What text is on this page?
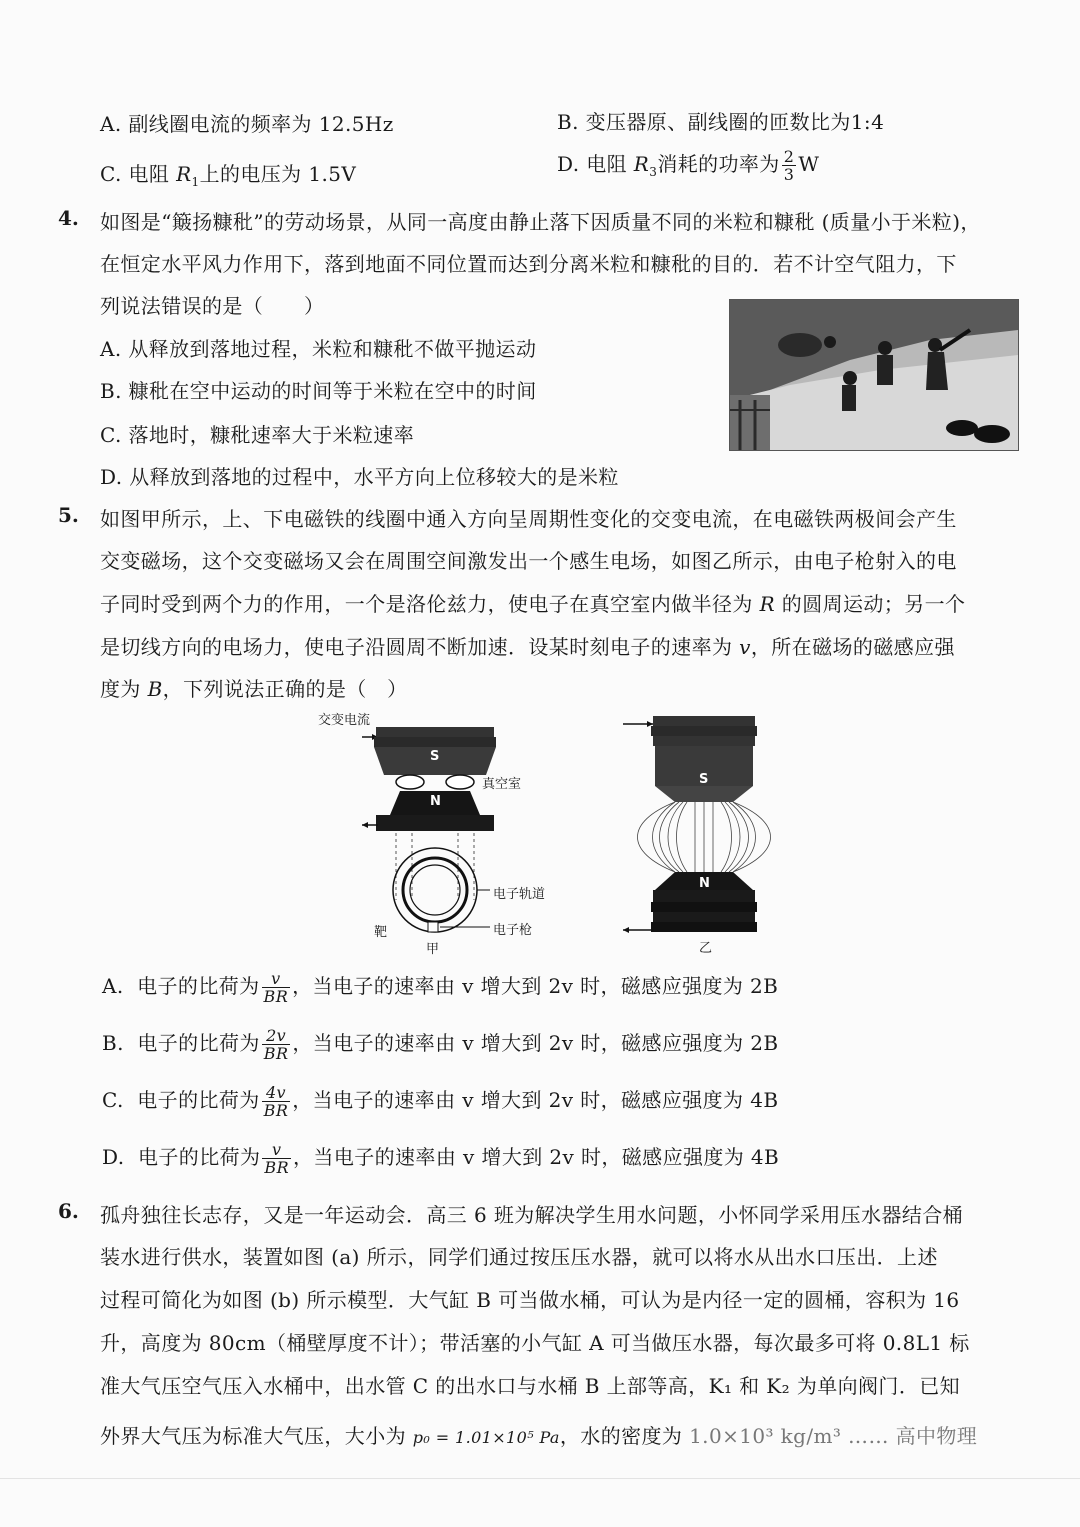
A. 副线圈电流的频率为 12.5Hz	B. 变压器原、副线圈的匝数比为1:4
C. 电阻 $R_1$上的电压为 1.5V	D. 电阻 $R_3$消耗的功率为 $\frac{2}{3}$ W
4. 如图是“簸扬糠秕”的劳动场景，从同一高度由静止落下因质量不同的米粒和糠秕 (质量小于米粒)，
在恒定水平风力作用下，落到地面不同位置而达到分离米粒和糠秕的目的．若不计空气阻力，下
列说法错误的是（　　）
A. 从释放到落地过程，米粒和糠秕不做平抛运动
B. 糠秕在空中运动的时间等于米粒在空中的时间
C. 落地时，糠秕速率大于米粒速率
D. 从释放到落地的过程中，水平方向上位移较大的是米粒
5. 如图甲所示，上、下电磁铁的线圈中通入方向呈周期性变化的交变电流，在电磁铁两极间会产生
交变磁场，这个交变磁场又会在周围空间激发出一个感生电场，如图乙所示，由电子枪射入的电
子同时受到两个力的作用，一个是洛伦兹力，使电子在真空室内做半径为 R 的圆周运动；另一个
是切线方向的电场力，使电子沿圆周不断加速．设某时刻电子的速率为 v，所在磁场的磁感应强
度为 B，下列说法正确的是（　）
交变电流
S
N
真空室
电子轨道
电子枪
靶
甲
S
N
乙
A. 电子的比荷为 $\frac{v}{BR}$ ，当电子的速率由 v 增大到 2v 时，磁感应强度为 2B
B. 电子的比荷为 $\frac{2v}{BR}$ ，当电子的速率由 v 增大到 2v 时，磁感应强度为 2B
C. 电子的比荷为 $\frac{4v}{BR}$ ，当电子的速率由 v 增大到 2v 时，磁感应强度为 4B
D. 电子的比荷为 $\frac{v}{BR}$ ，当电子的速率由 v 增大到 2v 时，磁感应强度为 4B
6. 孤舟独往长志存，又是一年运动会．高三 6 班为解决学生用水问题，小怀同学采用压水器结合桶
装水进行供水，装置如图 (a) 所示，同学们通过按压压水器，就可以将水从出水口压出．上述
过程可简化为如图 (b) 所示模型．大气缸 B 可当做水桶，可认为是内径一定的圆桶，容积为 16
升，高度为 80cm（桶壁厚度不计）；带活塞的小气缸 A 可当做压水器，每次最多可将 0.8L1 标
准大气压空气压入水桶中，出水管 C 的出水口与水桶 B 上部等高，K₁ 和 K₂ 为单向阀门．已知
外界大气压为标准大气压，大小为 p₀ = 1.01×10⁵ Pa，水的密度为 1.0×10³ kg/m³ …… 高中物理
